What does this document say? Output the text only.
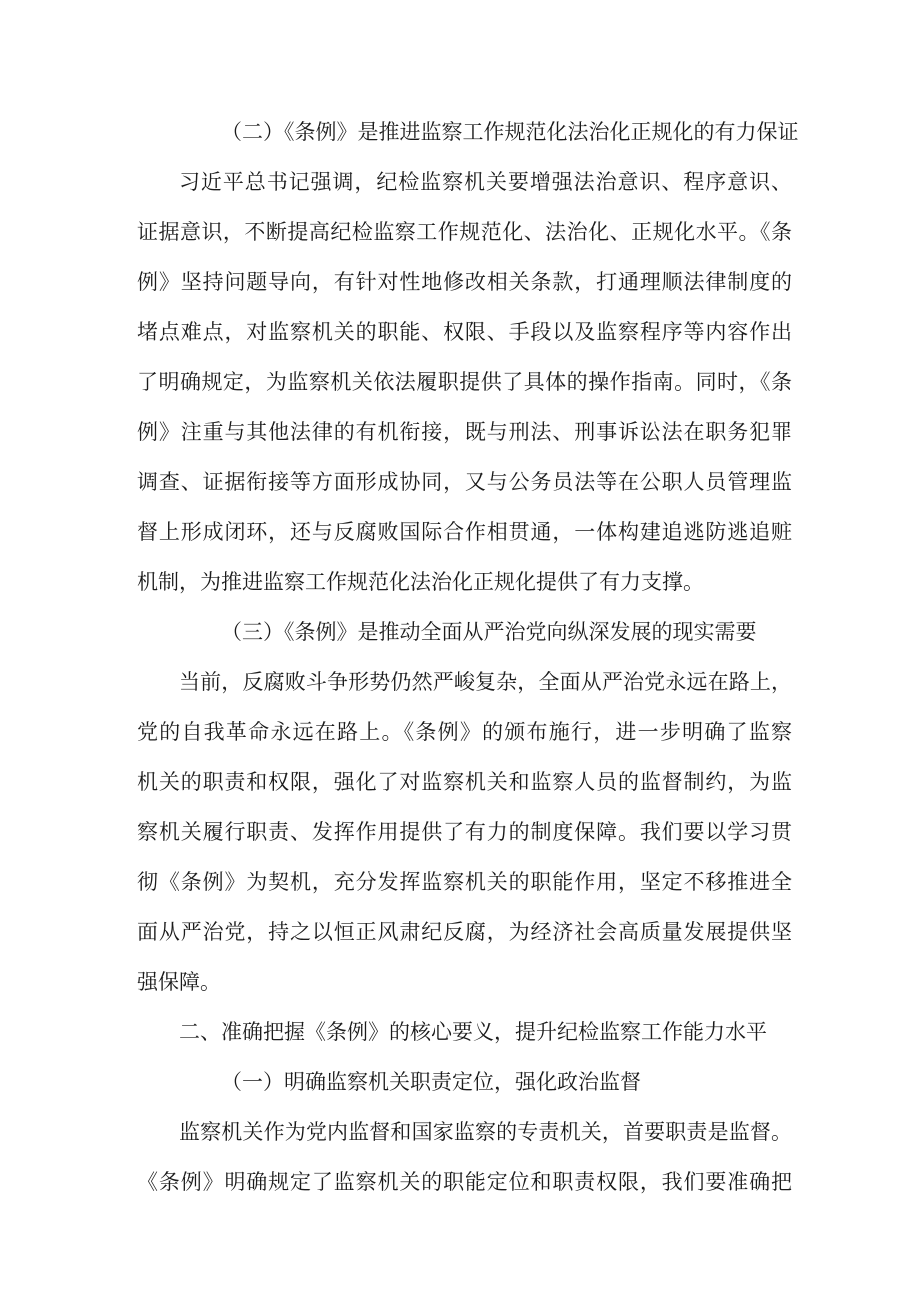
（二）《条例》是推进监察工作规范化法治化正规化的有力保证

习近平总书记强调，纪检监察机关要增强法治意识、程序意识、

证据意识，不断提高纪检监察工作规范化、法治化、正规化水平。《条

例》坚持问题导向，有针对性地修改相关条款，打通理顺法律制度的

堵点难点，对监察机关的职能、权限、手段以及监察程序等内容作出

了明确规定，为监察机关依法履职提供了具体的操作指南。同时，《条

例》注重与其他法律的有机衔接，既与刑法、刑事诉讼法在职务犯罪

调查、证据衔接等方面形成协同，又与公务员法等在公职人员管理监

督上形成闭环，还与反腐败国际合作相贯通，一体构建追逃防逃追赃

机制，为推进监察工作规范化法治化正规化提供了有力支撑。

（三）《条例》是推动全面从严治党向纵深发展的现实需要

当前，反腐败斗争形势仍然严峻复杂，全面从严治党永远在路上，

党的自我革命永远在路上。《条例》的颁布施行，进一步明确了监察

机关的职责和权限，强化了对监察机关和监察人员的监督制约，为监

察机关履行职责、发挥作用提供了有力的制度保障。我们要以学习贯

彻《条例》为契机，充分发挥监察机关的职能作用，坚定不移推进全

面从严治党，持之以恒正风肃纪反腐，为经济社会高质量发展提供坚

强保障。

二、准确把握《条例》的核心要义，提升纪检监察工作能力水平

（一）明确监察机关职责定位，强化政治监督

监察机关作为党内监督和国家监察的专责机关，首要职责是监督。

《条例》明确规定了监察机关的职能定位和职责权限，我们要准确把
